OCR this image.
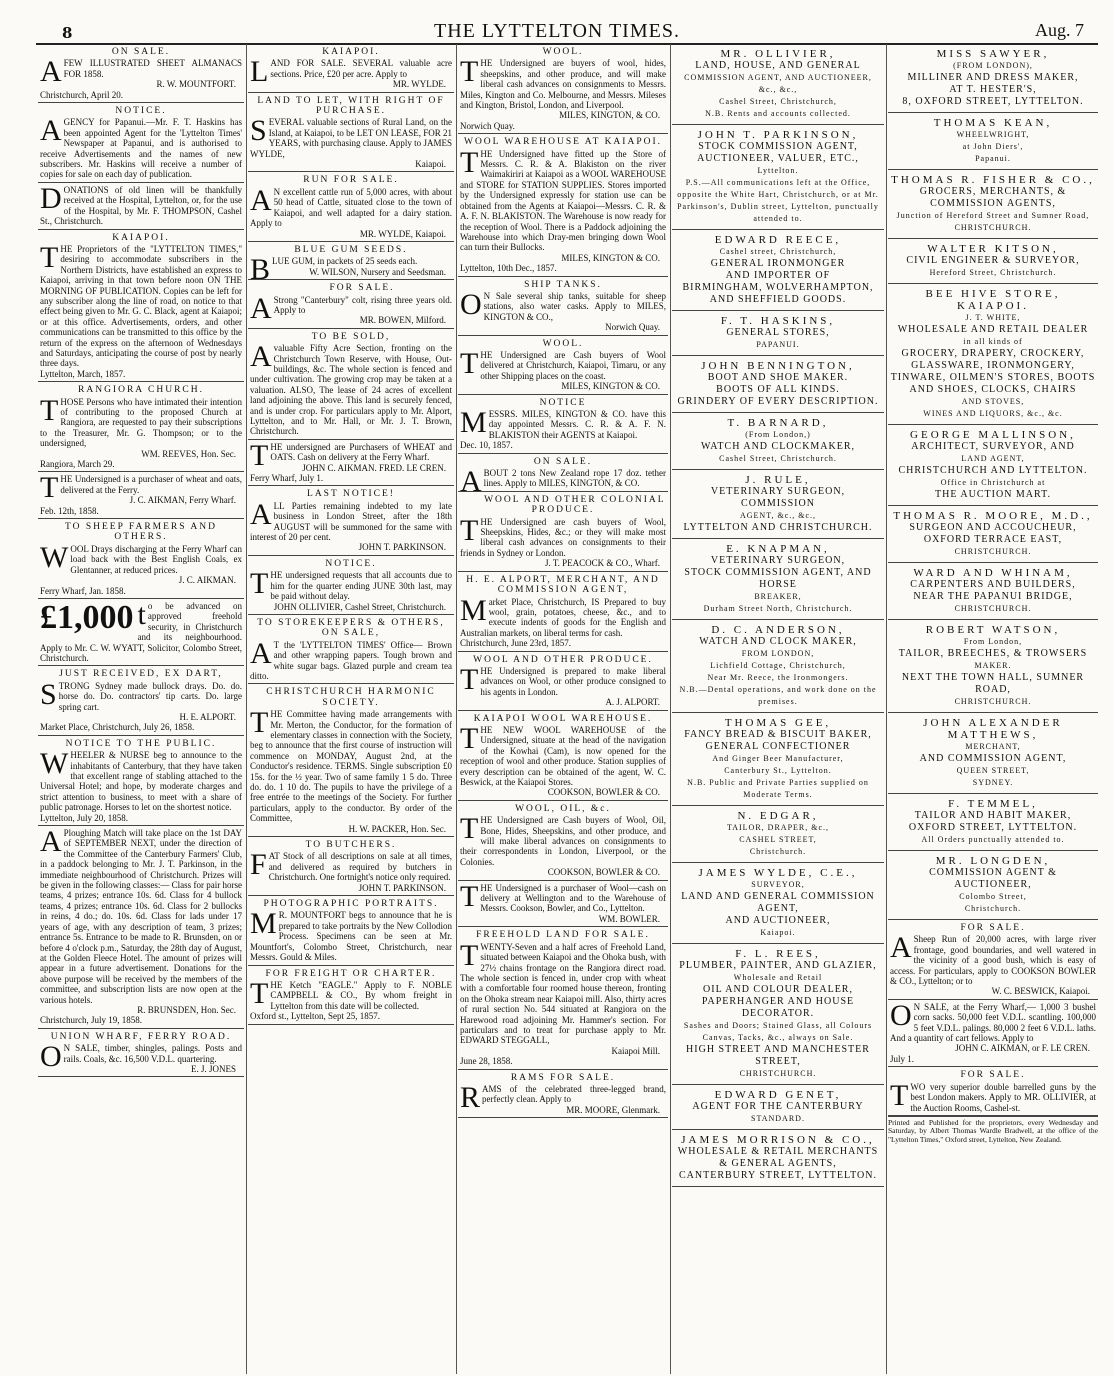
8	THE LYTTELTON TIMES.	Aug. 7
ON SALE.

AFEW ILLUSTRATED SHEET ALMANACS FOR 1858.

R. W. MOUNTFORT.
Christchurch, April 20.
NOTICE.

AGENCY for Papanui.—Mr. F. T. Haskins has been appointed Agent for the 'Lyttelton Times' Newspaper at Papanui, and is authorised to receive Advertisements and the names of new subscribers. Mr. Haskins will receive a number of copies for sale on each day of publication.

DONATIONS of old linen will be thankfully received at the Hospital, Lyttelton, or, for the use of the Hospital, by Mr. F. THOMPSON, Cashel St., Christchurch.

KAIAPOI.

THE Proprietors of the "LYTTELTON TIMES," desiring to accommodate subscribers in the Northern Districts, have established an express to Kaiapoi, arriving in that town before noon ON THE MORNING OF PUBLICATION. Copies can be left for any subscriber along the line of road, on notice to that effect being given to Mr. G. C. Black, agent at Kaiapoi; or at this office. Advertisements, orders, and other communications can be transmitted to this office by the return of the express on the afternoon of Wednesdays and Saturdays, anticipating the course of post by nearly three days.

Lyttelton, March, 1857.
RANGIORA CHURCH.

THOSE Persons who have intimated their intention of contributing to the proposed Church at Rangiora, are requested to pay their subscriptions to the Treasurer, Mr. G. Thompson; or to the undersigned,

WM. REEVES, Hon. Sec.
Rangiora, March 29.

THE Undersigned is a purchaser of wheat and oats, delivered at the Ferry.

J. C. AIKMAN, Ferry Wharf.
Feb. 12th, 1858.
TO SHEEP FARMERS AND OTHERS.

WOOL Drays discharging at the Ferry Wharf can load back with the Best English Coals, ex Glentanner, at reduced prices.

J. C. AIKMAN.
Ferry Wharf, Jan. 1858.
£1,000 to be advanced on approved freehold security, in Christchurch and its neighbourhood. Apply to Mr. C. W. WYATT, Solicitor, Colombo Street, Christchurch.

JUST RECEIVED, EX DART,

STRONG Sydney made bullock drays. Do. do. horse do. Do. contractors' tip carts. Do. large spring cart.

H. E. ALPORT.
Market Place, Christchurch, July 26, 1858.
NOTICE TO THE PUBLIC.

WHEELER & NURSE beg to announce to the inhabitants of Canterbury, that they have taken that excellent range of stabling attached to the Universal Hotel; and hope, by moderate charges and strict attention to business, to meet with a share of public patronage. Horses to let on the shortest notice.

Lyttelton, July 20, 1858.

APloughing Match will take place on the 1st DAY of SEPTEMBER NEXT, under the direction of the Committee of the Canterbury Farmers' Club, in a paddock belonging to Mr. J. T. Parkinson, in the immediate neighbourhood of Christchurch. Prizes will be given in the following classes:— Class for pair horse teams, 4 prizes; entrance 10s. 6d. Class for 4 bullock teams, 4 prizes; entrance 10s. 6d. Class for 2 bullocks in reins, 4 do.; do. 10s. 6d. Class for lads under 17 years of age, with any description of team, 3 prizes; entrance 5s. Entrance to be made to R. Brunsden, on or before 4 o'clock p.m., Saturday, the 28th day of August, at the Golden Fleece Hotel. The amount of prizes will appear in a future advertisement. Donations for the above purpose will be received by the members of the committee, and subscription lists are now open at the various hotels.

R. BRUNSDEN, Hon. Sec.
Christchurch, July 19, 1858.
UNION WHARF, FERRY ROAD.

ON SALE, timber, shingles, palings. Posts and rails. Coals, &c. 16,500 V.D.L. quartering.

E. J. JONES
KAIAPOI.

LAND FOR SALE. SEVERAL valuable acre sections. Price, £20 per acre. Apply to

MR. WYLDE.
LAND TO LET, WITH RIGHT OF PURCHASE.

SEVERAL valuable sections of Rural Land, on the Island, at Kaiapoi, to be LET ON LEASE, FOR 21 YEARS, with purchasing clause. Apply to JAMES WYLDE,

Kaiapoi.
RUN FOR SALE.

AN excellent cattle run of 5,000 acres, with about 50 head of Cattle, situated close to the town of Kaiapoi, and well adapted for a dairy station. Apply to

MR. WYLDE, Kaiapoi.
BLUE GUM SEEDS.

BLUE GUM, in packets of 25 seeds each.

W. WILSON, Nursery and Seedsman.
FOR SALE.

AStrong "Canterbury" colt, rising three years old. Apply to

MR. BOWEN, Milford.
TO BE SOLD,

Avaluable Fifty Acre Section, fronting on the Christchurch Town Reserve, with House, Out-buildings, &c. The whole section is fenced and under cultivation. The growing crop may be taken at a valuation. ALSO, The lease of 24 acres of excellent land adjoining the above. This land is securely fenced, and is under crop. For particulars apply to Mr. Alport, Lyttelton, and to Mr. Hall, or Mr. J. T. Brown, Christchurch.

THE undersigned are Purchasers of WHEAT and OATS. Cash on delivery at the Ferry Wharf.

JOHN C. AIKMAN. FRED. LE CREN.
Ferry Wharf, July 1.
LAST NOTICE!

ALL Parties remaining indebted to my late business in London Street, after the 18th AUGUST will be summoned for the same with interest of 20 per cent.

JOHN T. PARKINSON.
NOTICE.

THE undersigned requests that all accounts due to him for the quarter ending JUNE 30th last, may be paid without delay.

JOHN OLLIVIER, Cashel Street, Christchurch.
TO STOREKEEPERS & OTHERS, ON SALE,

AT the 'LYTTELTON TIMES' Office— Brown and other wrapping papers. Tough brown and white sugar bags. Glazed purple and cream tea ditto.

CHRISTCHURCH HARMONIC SOCIETY.

THE Committee having made arrangements with Mr. Merton, the Conductor, for the formation of elementary classes in connection with the Society, beg to announce that the first course of instruction will commence on MONDAY, August 2nd, at the Conductor's residence. TERMS. Single subscription £0 15s. for the ½ year. Two of same family 1 5 do. Three do. do. 1 10 do. The pupils to have the privilege of a free entrée to the meetings of the Society. For further particulars, apply to the conductor. By order of the Committee,

H. W. PACKER, Hon. Sec.
TO BUTCHERS.

FAT Stock of all descriptions on sale at all times, and delivered as required by butchers in Christchurch. One fortnight's notice only required.

JOHN T. PARKINSON.
PHOTOGRAPHIC PORTRAITS.

MR. MOUNTFORT begs to announce that he is prepared to take portraits by the New Collodion Process. Specimens can be seen at Mr. Mountfort's, Colombo Street, Christchurch, near Messrs. Gould & Miles.

FOR FREIGHT OR CHARTER.

THE Ketch "EAGLE." Apply to F. NOBLE CAMPBELL & CO., By whom freight in Lyttelton from this date will be collected.

Oxford st., Lyttelton, Sept 25, 1857.
WOOL.

THE Undersigned are buyers of wool, hides, sheepskins, and other produce, and will make liberal cash advances on consignments to Messrs. Miles, Kington and Co. Melbourne, and Messrs. Mileses and Kington, Bristol, London, and Liverpool.

MILES, KINGTON, & CO.
Norwich Quay.
WOOL WAREHOUSE AT KAIAPOI.

THE Undersigned have fitted up the Store of Messrs. C. R. & A. Blakiston on the river Waimakiriri at Kaiapoi as a WOOL WAREHOUSE and STORE for STATION SUPPLIES. Stores imported by the Undersigned expressly for station use can be obtained from the Agents at Kaiapoi—Messrs. C. R. & A. F. N. BLAKISTON. The Warehouse is now ready for the reception of Wool. There is a Paddock adjoining the Warehouse into which Dray-men bringing down Wool can turn their Bullocks.

MILES, KINGTON & CO.
Lyttelton, 10th Dec., 1857.
SHIP TANKS.

ON Sale several ship tanks, suitable for sheep stations, also water casks. Apply to MILES, KINGTON & CO.,

Norwich Quay.
WOOL.

THE Undersigned are Cash buyers of Wool delivered at Christchurch, Kaiapoi, Timaru, or any other Shipping places on the coast.

MILES, KINGTON & CO.
NOTICE

MESSRS. MILES, KINGTON & CO. have this day appointed Messrs. C. R. & A. F. N. BLAKISTON their AGENTS at Kaiapoi.

Dec. 10, 1857.
ON SALE.

ABOUT 2 tons New Zealand rope 17 doz. tether lines. Apply to MILES, KINGTON, & CO.

WOOL AND OTHER COLONIAL PRODUCE.

THE Undersigned are cash buyers of Wool, Sheepskins, Hides, &c.; or they will make most liberal cash advances on consignments to their friends in Sydney or London.

J. T. PEACOCK & CO., Wharf.
H. E. ALPORT, MERCHANT, AND COMMISSION AGENT,

Market Place, Christchurch, IS Prepared to buy wool, grain, potatoes, cheese, &c., and to execute indents of goods for the English and Australian markets, on liberal terms for cash.

Christchurch, June 23rd, 1857.
WOOL AND OTHER PRODUCE.

THE Undersigned is prepared to make liberal advances on Wool, or other produce consigned to his agents in London.

A. J. ALPORT.
KAIAPOI WOOL WAREHOUSE.

THE NEW WOOL WAREHOUSE of the Undersigned, situate at the head of the navigation of the Kowhai (Cam), is now opened for the reception of wool and other produce. Station supplies of every description can be obtained of the agent, W. C. Beswick, at the Kaiapoi Stores.

COOKSON, BOWLER & CO.
WOOL, OIL, &c.

THE Undersigned are Cash buyers of Wool, Oil, Bone, Hides, Sheepskins, and other produce, and will make liberal advances on consignments to their correspondents in London, Liverpool, or the Colonies.

COOKSON, BOWLER & CO.

THE Undersigned is a purchaser of Wool—cash on delivery at Wellington and to the Warehouse of Messrs. Cookson, Bowler, and Co., Lyttelton.

WM. BOWLER.
FREEHOLD LAND FOR SALE.

TWENTY-Seven and a half acres of Freehold Land, situated between Kaiapoi and the Ohoka bush, with 27½ chains frontage on the Rangiora direct road. The whole section is fenced in, under crop with wheat with a comfortable four roomed house thereon, fronting on the Ohoka stream near Kaiapoi mill. Also, thirty acres of rural section No. 544 situated at Rangiora on the Harewood road adjoining Mr. Hammer's section. For particulars and to treat for purchase apply to Mr. EDWARD STEGGALL,

Kaiapoi Mill.
June 28, 1858.
RAMS FOR SALE.

RAMS of the celebrated three-legged brand, perfectly clean. Apply to

MR. MOORE, Glenmark.
MR. OLLIVIER,
LAND, HOUSE, AND GENERAL
COMMISSION AGENT, AND AUCTIONEER, &c., &c.,
Cashel Street, Christchurch,
N.B. Rents and accounts collected.
JOHN T. PARKINSON,
STOCK COMMISSION AGENT,
AUCTIONEER, VALUER, ETC.,
Lyttelton.
P.S.—All communications left at the Office, opposite the White Hart, Christchurch, or at Mr. Parkinson's, Dublin street, Lyttelton, punctually attended to.
EDWARD REECE,
Cashel street, Christchurch,
GENERAL IRONMONGER
AND IMPORTER OF
BIRMINGHAM, WOLVERHAMPTON,
AND SHEFFIELD GOODS.
F. T. HASKINS,
GENERAL STORES,
PAPANUI.
JOHN BENNINGTON,
BOOT AND SHOE MAKER.
BOOTS OF ALL KINDS.
GRINDERY OF EVERY DESCRIPTION.
T. BARNARD,
(From London,)
WATCH AND CLOCKMAKER,
Cashel Street, Christchurch.
J. RULE,
VETERINARY SURGEON, COMMISSION
AGENT, &c., &c.,
LYTTELTON AND CHRISTCHURCH.
E. KNAPMAN,
VETERINARY SURGEON,
STOCK COMMISSION AGENT, AND HORSE
BREAKER,
Durham Street North, Christchurch.
D. C. ANDERSON,
WATCH AND CLOCK MAKER,
FROM LONDON,
Lichfield Cottage, Christchurch,
Near Mr. Reece, the Ironmongers.
N.B.—Dental operations, and work done on the premises.
THOMAS GEE,
FANCY BREAD & BISCUIT BAKER,
GENERAL CONFECTIONER
And Ginger Beer Manufacturer,
Canterbury St., Lyttelton.
N.B. Public and Private Parties supplied on Moderate Terms.
N. EDGAR,
TAILOR, DRAPER, &c.,
CASHEL STREET,
Christchurch.
JAMES WYLDE, C.E.,
SURVEYOR,
LAND AND GENERAL COMMISSION AGENT,
AND AUCTIONEER,
Kaiapoi.
F. L. REES,
PLUMBER, PAINTER, AND GLAZIER,
Wholesale and Retail
OIL AND COLOUR DEALER,
PAPERHANGER AND HOUSE DECORATOR.
Sashes and Doors; Stained Glass, all Colours
Canvas, Tacks, &c., always on Sale.
HIGH STREET AND MANCHESTER STREET,
CHRISTCHURCH.
EDWARD GENET,
AGENT FOR THE CANTERBURY
STANDARD.
JAMES MORRISON & CO.,
WHOLESALE & RETAIL MERCHANTS
& GENERAL AGENTS,
CANTERBURY STREET, LYTTELTON.
MISS SAWYER,
(FROM LONDON),
MILLINER AND DRESS MAKER,
AT T. HESTER'S,
8, OXFORD STREET, LYTTELTON.
THOMAS KEAN,
WHEELWRIGHT,
at John Diers',
Papanui.
THOMAS R. FISHER & CO.,
GROCERS, MERCHANTS, & COMMISSION AGENTS,
Junction of Hereford Street and Sumner Road,
CHRISTCHURCH.
WALTER KITSON,
CIVIL ENGINEER & SURVEYOR,
Hereford Street, Christchurch.
BEE HIVE STORE, KAIAPOI.
J. T. WHITE,
WHOLESALE AND RETAIL DEALER
in all kinds of
GROCERY, DRAPERY, CROCKERY,
GLASSWARE, IRONMONGERY,
TINWARE, OILMEN'S STORES, BOOTS
AND SHOES, CLOCKS, CHAIRS
AND STOVES,
WINES AND LIQUORS, &c., &c.
GEORGE MALLINSON,
ARCHITECT, SURVEYOR, AND
LAND AGENT,
CHRISTCHURCH AND LYTTELTON.
Office in Christchurch at
THE AUCTION MART.
THOMAS R. MOORE, M.D.,
SURGEON AND ACCOUCHEUR,
OXFORD TERRACE EAST,
CHRISTCHURCH.
WARD AND WHINAM,
CARPENTERS AND BUILDERS,
NEAR THE PAPANUI BRIDGE,
CHRISTCHURCH.
ROBERT WATSON,
From London,
TAILOR, BREECHES, & TROWSERS
MAKER.
NEXT THE TOWN HALL, SUMNER ROAD,
CHRISTCHURCH.
JOHN ALEXANDER MATTHEWS,
MERCHANT,
AND COMMISSION AGENT,
QUEEN STREET,
SYDNEY.
F. TEMMEL,
TAILOR AND HABIT MAKER,
OXFORD STREET, LYTTELTON.
All Orders punctually attended to.
MR. LONGDEN,
COMMISSION AGENT & AUCTIONEER,
Colombo Street,
Christchurch.
FOR SALE.

ASheep Run of 20,000 acres, with large river frontage, good boundaries, and well watered in the vicinity of a good bush, which is easy of access. For particulars, apply to COOKSON BOWLER & CO., Lyttelton; or to

W. C. BESWICK, Kaiapoi.

ON SALE, at the Ferry Wharf,— 1,000 3 bushel corn sacks. 50,000 feet V.D.L. scantling. 100,000 5 feet V.D.L. palings. 80,000 2 feet 6 V.D.L. laths. And a quantity of cart fellows. Apply to

JOHN C. AIKMAN, or F. LE CREN.
July 1.
FOR SALE.

TWO very superior double barrelled guns by the best London makers. Apply to MR. OLLIVIER, at the Auction Rooms, Cashel-st.

Printed and Published for the proprietors, every Wednesday and Saturday, by Albert Thomas Wardle Bradwell, at the office of the "Lyttelton Times," Oxford street, Lyttelton, New Zealand.
